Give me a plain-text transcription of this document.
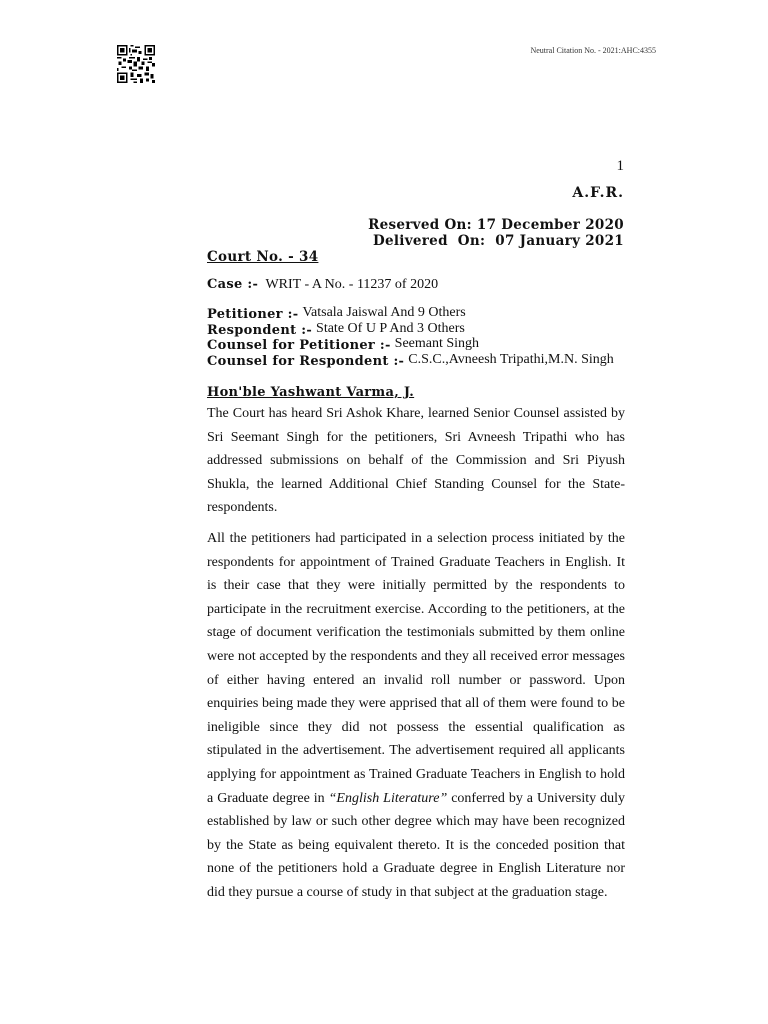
Neutral Citation No. - 2021:AHC:4355
1
A.F.R.
Reserved On: 17 December 2020
Delivered  On:  07 January 2021
Court No. - 34
Case :- WRIT - A No. - 11237 of 2020
Petitioner :- Vatsala Jaiswal And 9 Others
Respondent :- State Of U P And 3 Others
Counsel for Petitioner :- Seemant Singh
Counsel for Respondent :- C.S.C.,Avneesh Tripathi,M.N. Singh
Hon'ble Yashwant Varma, J.

The Court has heard Sri Ashok Khare, learned Senior Counsel assisted by Sri Seemant Singh for the petitioners, Sri Avneesh Tripathi who has addressed submissions on behalf of the Commission and Sri Piyush Shukla, the learned Additional Chief Standing Counsel for the State-respondents.

All the petitioners had participated in a selection process initiated by the respondents for appointment of Trained Graduate Teachers in English. It is their case that they were initially permitted by the respondents to participate in the recruitment exercise. According to the petitioners, at the stage of document verification the testimonials submitted by them online were not accepted by the respondents and they all received error messages of either having entered an invalid roll number or password. Upon enquiries being made they were apprised that all of them were found to be ineligible since they did not possess the essential qualification as stipulated in the advertisement. The advertisement required all applicants applying for appointment as Trained Graduate Teachers in English to hold a Graduate degree in “English Literature” conferred by a University duly established by law or such other degree which may have been recognized by the State as being equivalent thereto. It is the conceded position that none of the petitioners hold a Graduate degree in English Literature nor did they pursue a course of study in that subject at the graduation stage.
